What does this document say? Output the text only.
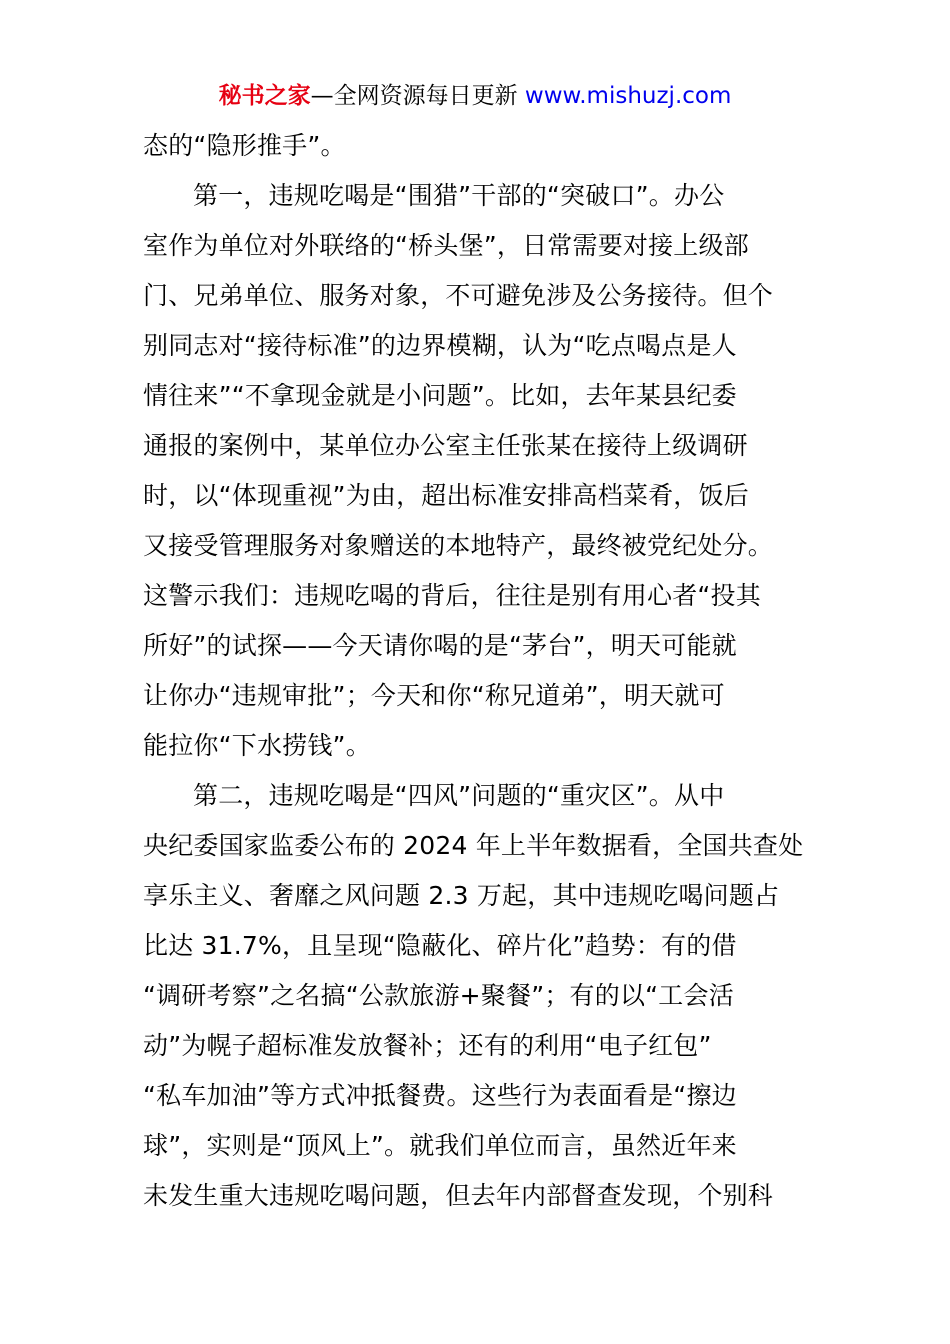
秘书之家—全网资源每日更新 www.mishuzj.com
态的“隐形推手”。
第一，违规吃喝是“围猎”干部的“突破口”。办公
室作为单位对外联络的“桥头堡”，日常需要对接上级部
门、兄弟单位、服务对象，不可避免涉及公务接待。但个
别同志对“接待标准”的边界模糊，认为“吃点喝点是人
情往来”“不拿现金就是小问题”。比如，去年某县纪委
通报的案例中，某单位办公室主任张某在接待上级调研
时，以“体现重视”为由，超出标准安排高档菜肴，饭后
又接受管理服务对象赠送的本地特产，最终被党纪处分。
这警示我们：违规吃喝的背后，往往是别有用心者“投其
所好”的试探——今天请你喝的是“茅台”，明天可能就
让你办“违规审批”；今天和你“称兄道弟”，明天就可
能拉你“下水捞钱”。
第二，违规吃喝是“四风”问题的“重灾区”。从中
央纪委国家监委公布的 2024 年上半年数据看，全国共查处
享乐主义、奢靡之风问题 2.3 万起，其中违规吃喝问题占
比达 31.7%，且呈现“隐蔽化、碎片化”趋势：有的借
“调研考察”之名搞“公款旅游+聚餐”；有的以“工会活
动”为幌子超标准发放餐补；还有的利用“电子红包”
“私车加油”等方式冲抵餐费。这些行为表面看是“擦边
球”，实则是“顶风上”。就我们单位而言，虽然近年来
未发生重大违规吃喝问题，但去年内部督查发现，个别科
